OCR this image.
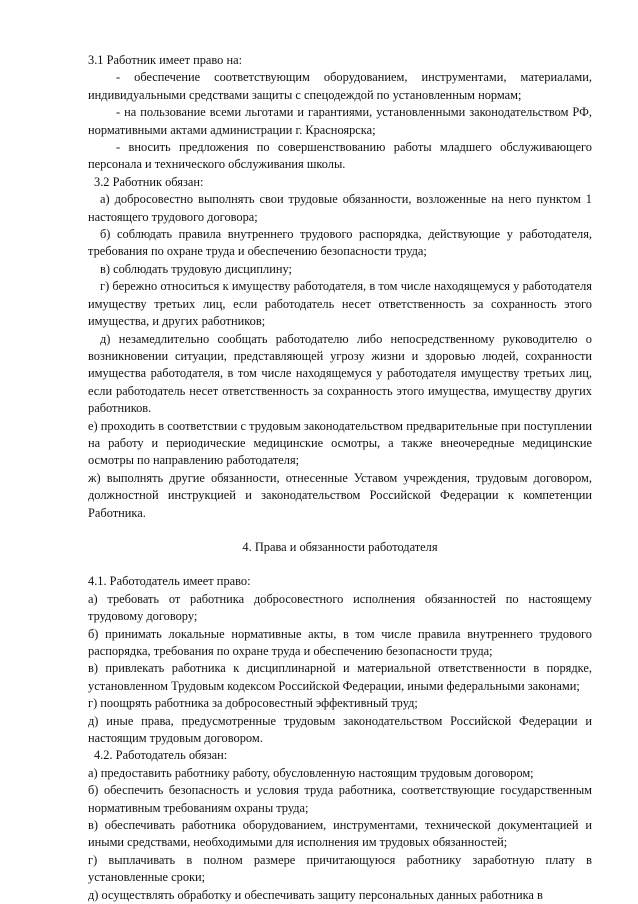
3.1 Работник имеет право на:

- обеспечение соответствующим оборудованием, инструментами, материалами, индивидуальными средствами защиты с спецодеждой по установленным нормам;

- на пользование всеми льготами и гарантиями, установленными законодательством РФ, нормативными актами администрации г. Красноярска;

- вносить предложения по совершенствованию работы младшего обслуживающего персонала и технического обслуживания школы.

3.2 Работник обязан:

а) добросовестно выполнять свои трудовые обязанности, возложенные на него пунктом 1 настоящего трудового договора;

б) соблюдать правила внутреннего трудового распорядка, действующие у работодателя, требования по охране труда и обеспечению безопасности труда;

в) соблюдать трудовую дисциплину;

г) бережно относиться к имуществу работодателя, в том числе находящемуся у работодателя имуществу третьих лиц, если работодатель несет ответственность за сохранность этого имущества, и других работников;

д) незамедлительно сообщать работодателю либо непосредственному руководителю о возникновении ситуации, представляющей угрозу жизни и здоровью людей, сохранности имущества работодателя, в том числе находящемуся у работодателя имуществу третьих лиц, если работодатель несет ответственность за сохранность этого имущества, имуществу других работников.

е) проходить в соответствии с трудовым законодательством предварительные при поступлении на работу и периодические медицинские осмотры, а также внеочередные медицинские осмотры по направлению работодателя;

ж) выполнять другие обязанности, отнесенные Уставом учреждения, трудовым договором, должностной инструкцией и законодательством Российской Федерации к компетенции Работника.

4. Права и обязанности работодателя

4.1. Работодатель имеет право:

а) требовать от работника добросовестного исполнения обязанностей по настоящему трудовому договору;

б) принимать локальные нормативные акты, в том числе правила внутреннего трудового распорядка, требования по охране труда и обеспечению безопасности труда;

в) привлекать работника к дисциплинарной и материальной ответственности в порядке, установленном Трудовым кодексом Российской Федерации, иными федеральными законами;

г) поощрять работника за добросовестный эффективный труд;

д) иные права, предусмотренные трудовым законодательством Российской Федерации и настоящим трудовым договором.

4.2. Работодатель обязан:

а) предоставить работнику работу, обусловленную настоящим трудовым договором;

б) обеспечить безопасность и условия труда работника, соответствующие государственным нормативным требованиям охраны труда;

в) обеспечивать работника оборудованием, инструментами, технической документацией и иными средствами, необходимыми для исполнения им трудовых обязанностей;

г) выплачивать в полном размере причитающуюся работнику заработную плату в установленные сроки;

д) осуществлять обработку и обеспечивать защиту персональных данных работника в
